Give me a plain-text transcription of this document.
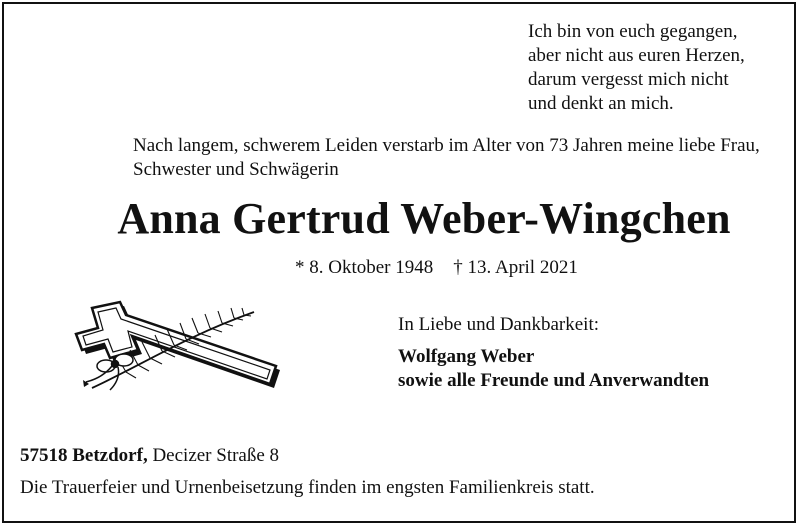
Ich bin von euch gegangen,
aber nicht aus euren Herzen,
darum vergesst mich nicht
und denkt an mich.
Nach langem, schwerem Leiden verstarb im Alter von 73 Jahren meine liebe Frau, Schwester und Schwägerin
Anna Gertrud Weber-Wingchen
* 8. Oktober 1948 † 13. April 2021
In Liebe und Dankbarkeit:
Wolfgang Weber
sowie alle Freunde und Anverwandten
57518 Betzdorf, Decizer Straße 8
Die Trauerfeier und Urnenbeisetzung finden im engsten Familienkreis statt.
